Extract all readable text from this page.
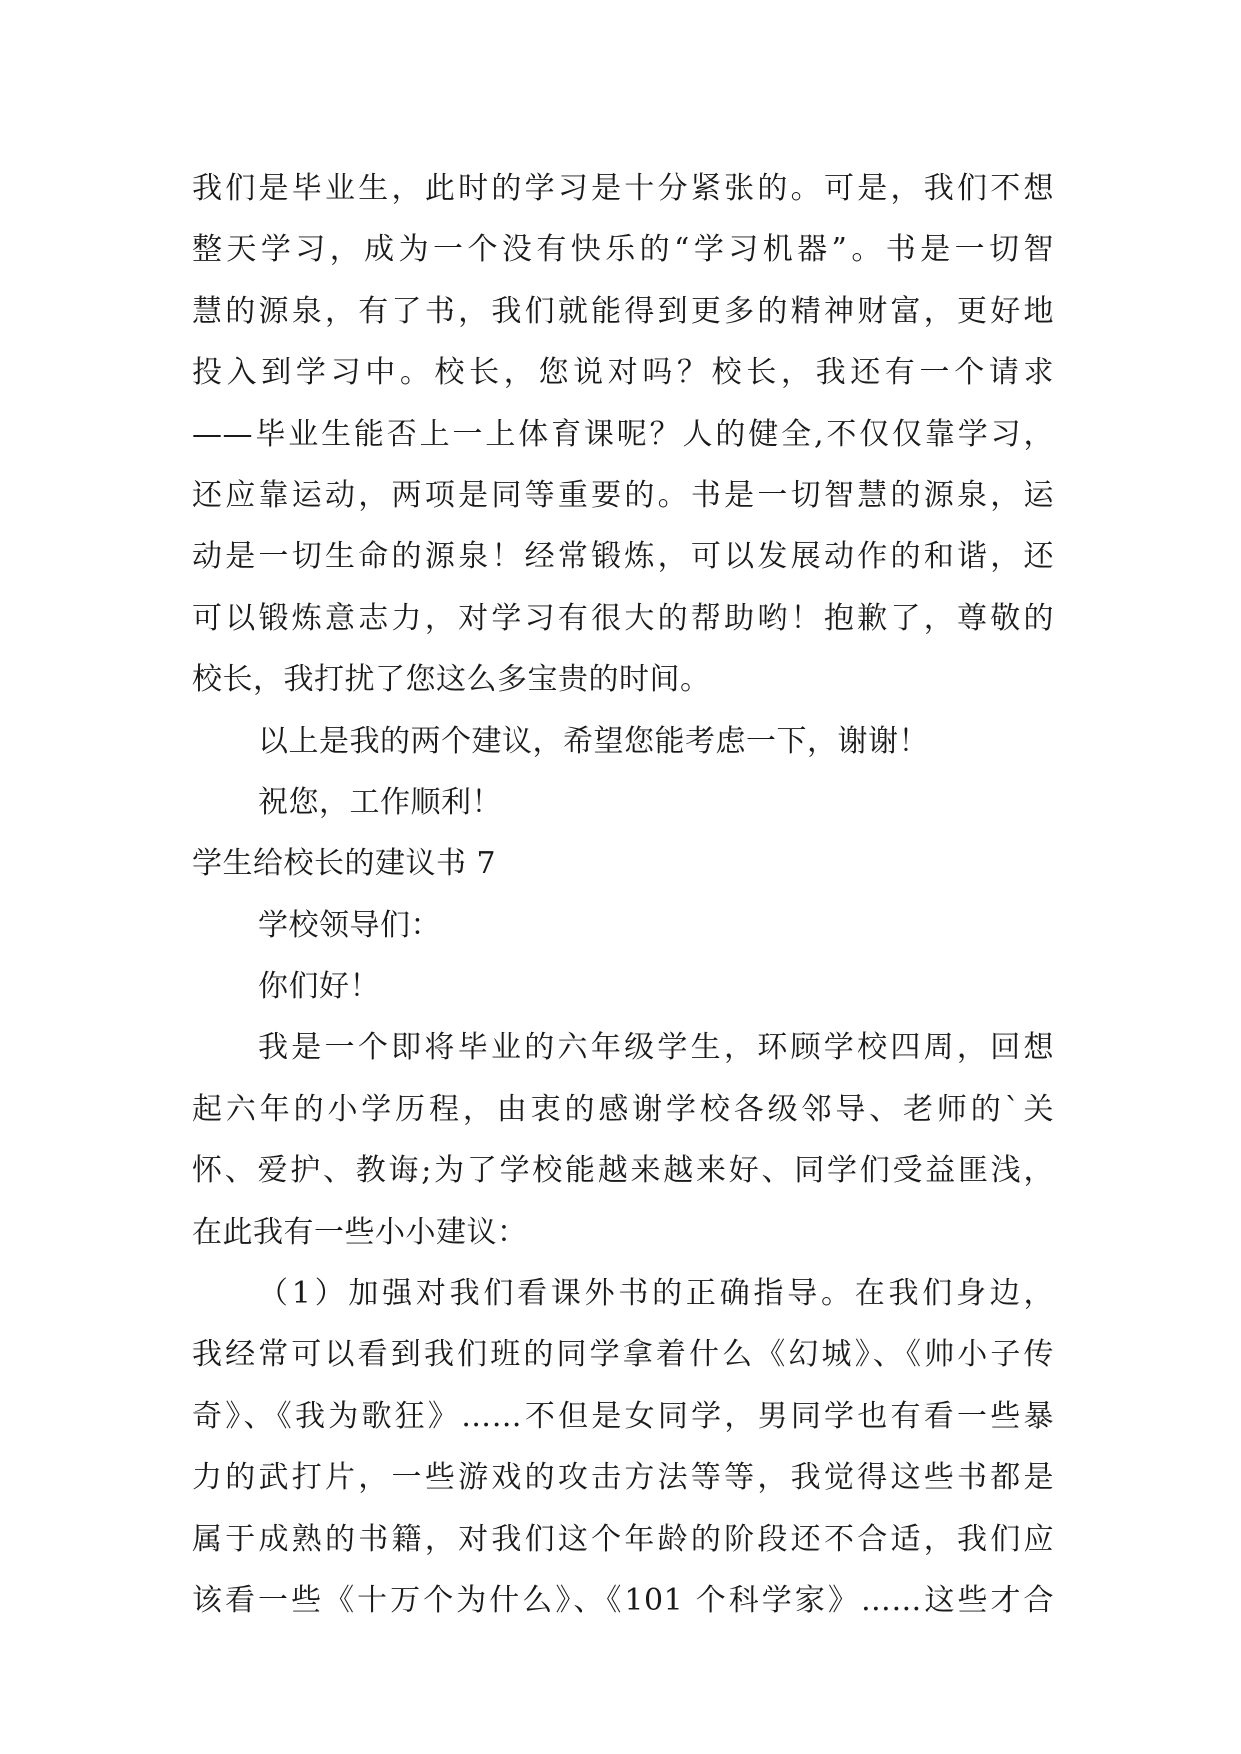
我们是毕业生，此时的学习是十分紧张的。可是，我们不想
整天学习，成为一个没有快乐的“学习机器”。书是一切智
慧的源泉，有了书，我们就能得到更多的精神财富，更好地
投入到学习中。校长，您说对吗？校长，我还有一个请求
——毕业生能否上一上体育课呢？人的健全,不仅仅靠学习，
还应靠运动，两项是同等重要的。书是一切智慧的源泉，运
动是一切生命的源泉！经常锻炼，可以发展动作的和谐，还
可以锻炼意志力，对学习有很大的帮助哟！抱歉了，尊敬的
校长，我打扰了您这么多宝贵的时间。
以上是我的两个建议，希望您能考虑一下，谢谢！
祝您，工作顺利！
学生给校长的建议书 7
学校领导们：
你们好！
我是一个即将毕业的六年级学生，环顾学校四周，回想
起六年的小学历程，由衷的感谢学校各级邻导、老师的`关
怀、爱护、教诲;为了学校能越来越来好、同学们受益匪浅，
在此我有一些小小建议：
（1）加强对我们看课外书的正确指导。在我们身边，
我经常可以看到我们班的同学拿着什么《幻城》、《帅小子传
奇》、《我为歌狂》……不但是女同学，男同学也有看一些暴
力的武打片，一些游戏的攻击方法等等，我觉得这些书都是
属于成熟的书籍，对我们这个年龄的阶段还不合适，我们应
该看一些《十万个为什么》、《101 个科学家》……这些才合
